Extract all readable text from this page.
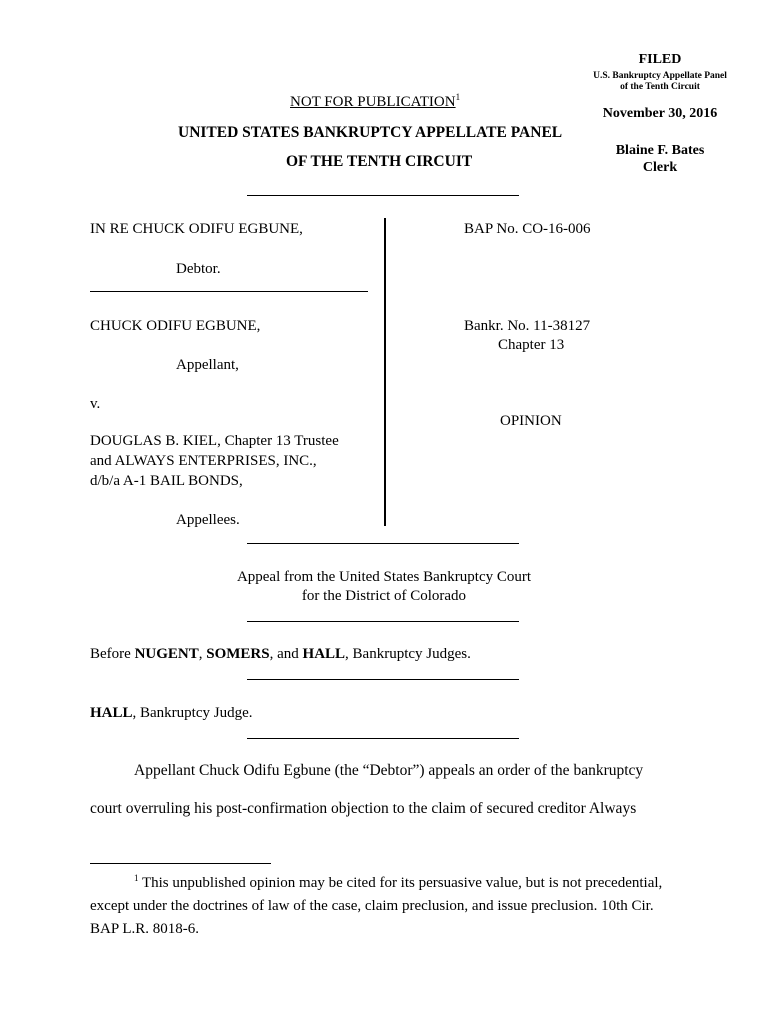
FILED
U.S. Bankruptcy Appellate Panel
of the Tenth Circuit
November 30, 2016
Blaine F. Bates
Clerk
NOT FOR PUBLICATION$^1$
UNITED STATES BANKRUPTCY APPELLATE PANEL
OF THE TENTH CIRCUIT
IN RE CHUCK ODIFU EGBUNE,
Debtor.
CHUCK ODIFU EGBUNE,
Appellant,
v.
DOUGLAS B. KIEL, Chapter 13 Trustee
and ALWAYS ENTERPRISES, INC.,
d/b/a A-1 BAIL BONDS,
Appellees.
BAP No. CO-16-006
Bankr. No. 11-38127
Chapter 13
OPINION
Appeal from the United States Bankruptcy Court
for the District of Colorado
Before NUGENT, SOMERS, and HALL, Bankruptcy Judges.
HALL, Bankruptcy Judge.
Appellant Chuck Odifu Egbune (the “Debtor”) appeals an order of the bankruptcy
court overruling his post-confirmation objection to the claim of secured creditor Always
$^1$ This unpublished opinion may be cited for its persuasive value, but is not precedential, except under the doctrines of law of the case, claim preclusion, and issue preclusion. 10th Cir. BAP L.R. 8018-6.
